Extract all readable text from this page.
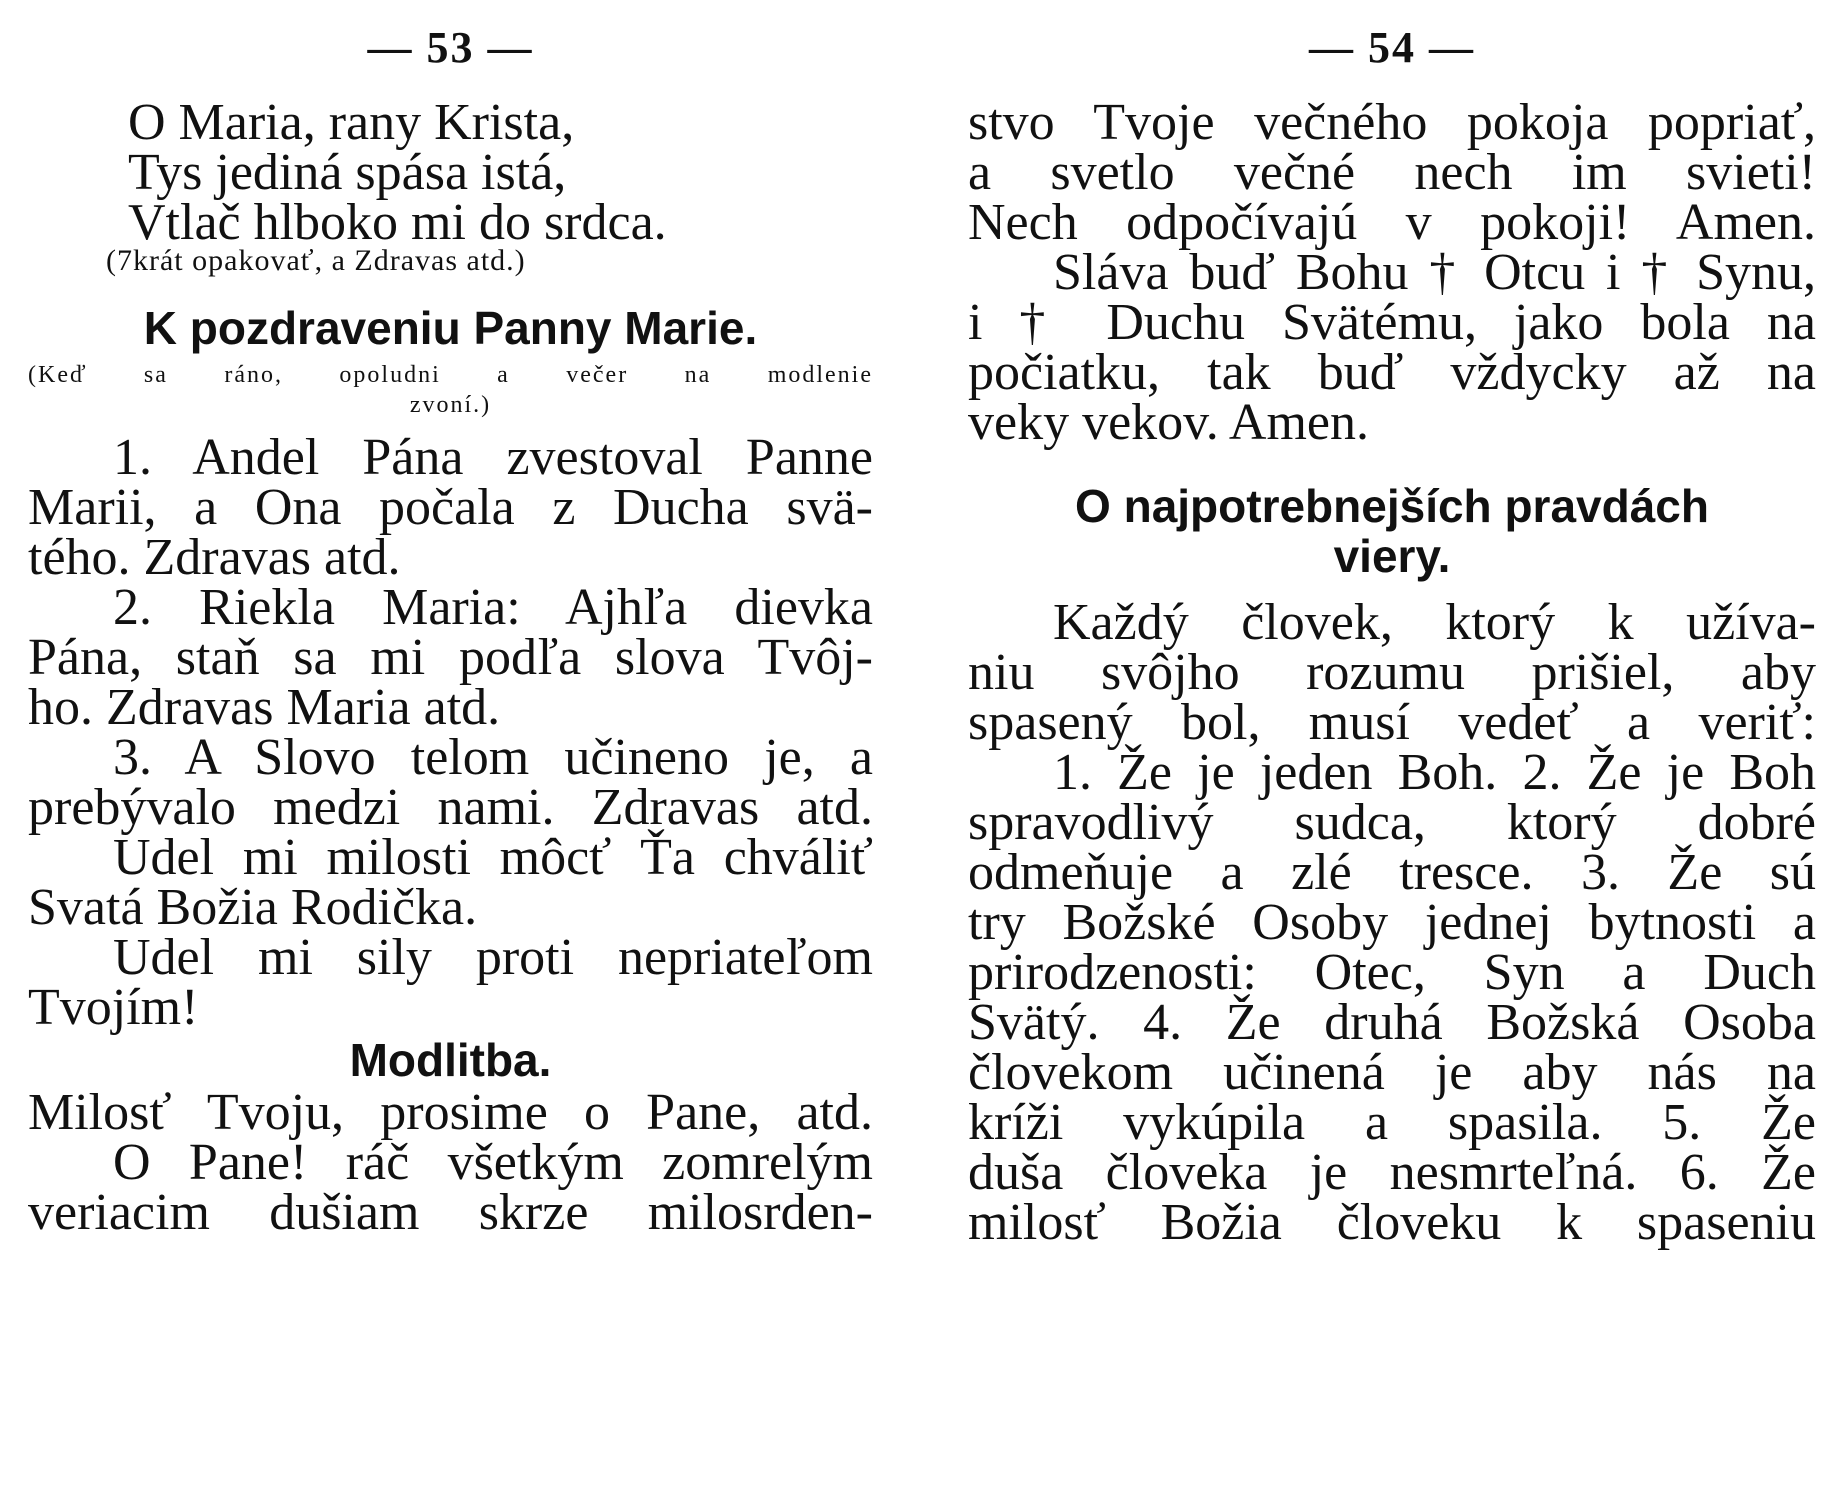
— 53 —
O Maria, rany Krista,
Tys jediná spása istá,
Vtlač hlboko mi do srdca.
(7krát opakovať, a Zdravas atd.)
K pozdraveniu Panny Marie.
(Keď sa ráno, opoludni a večer na modlenie
zvoní.)
1. Andel Pána zvestoval Panne
Marii, a Ona počala z Ducha svä-
tého. Zdravas atd.
2. Riekla Maria: Ajhľa dievka
Pána, staň sa mi podľa slova Tvôj-
ho. Zdravas Maria atd.
3. A Slovo telom učineno je, a
prebývalo medzi nami. Zdravas atd.
Udel mi milosti môcť Ťa chváliť
Svatá Božia Rodička.
Udel mi sily proti nepriateľom
Tvojím!
Modlitba.
Milosť Tvoju, prosime o Pane, atd.
O Pane! ráč všetkým zomrelým
veriacim dušiam skrze milosrden-
— 54 —
stvo Tvoje večného pokoja popriať,
a svetlo večné nech im svieti!
Nech odpočívajú v pokoji! Amen.
Sláva buď Bohu † Otcu i † Synu,
i † Duchu Svätému, jako bola na
počiatku, tak buď vždycky až na
veky vekov. Amen.
O najpotrebnejších pravdách
viery.
Každý človek, ktorý k užíva-
niu svôjho rozumu prišiel, aby
spasený bol, musí vedeť a veriť:
1. Že je jeden Boh. 2. Že je Boh
spravodlivý sudca, ktorý dobré
odmeňuje a zlé tresce. 3. Že sú
try Božské Osoby jednej bytnosti a
prirodzenosti: Otec, Syn a Duch
Svätý. 4. Že druhá Božská Osoba
človekom učinená je aby nás na
kríži vykúpila a spasila. 5. Že
duša človeka je nesmrteľná. 6. Že
milosť Božia človeku k spaseniu
